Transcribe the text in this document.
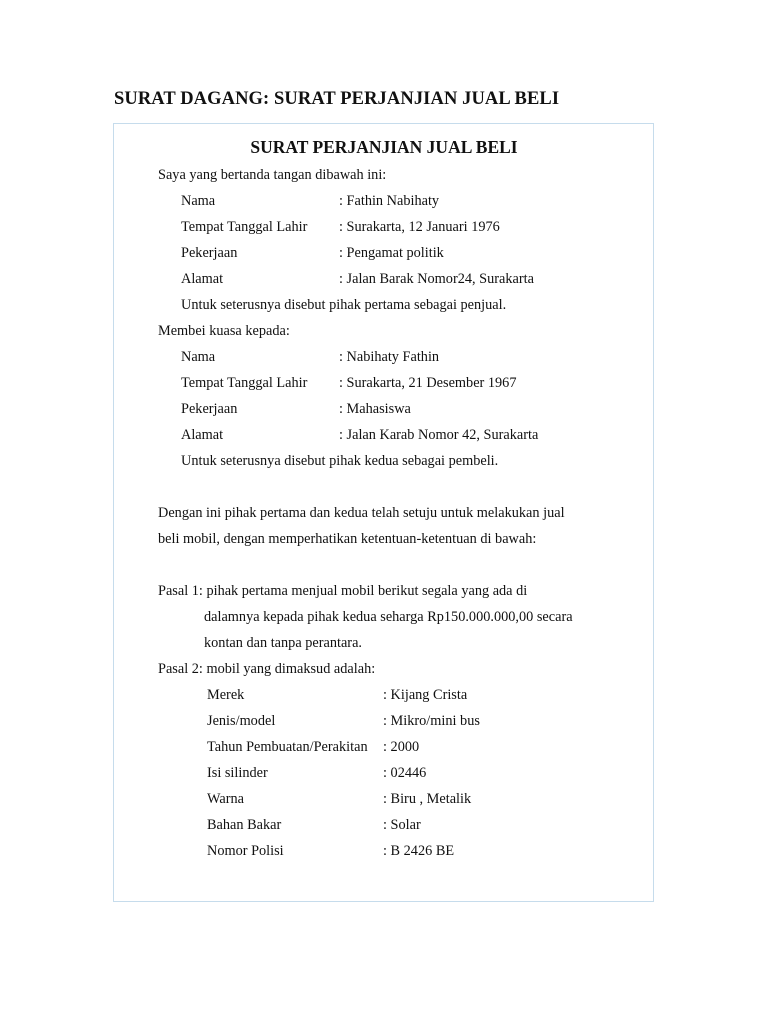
SURAT DAGANG: SURAT PERJANJIAN JUAL BELI
SURAT PERJANJIAN JUAL BELI
Saya yang bertanda tangan dibawah ini:
Nama	: Fathin Nabihaty
Tempat Tanggal Lahir : Surakarta, 12 Januari 1976
Pekerjaan	: Pengamat politik
Alamat	: Jalan Barak Nomor24, Surakarta
Untuk seterusnya disebut pihak pertama sebagai penjual.
Membei kuasa kepada:
Nama	: Nabihaty Fathin
Tempat Tanggal Lahir : Surakarta, 21 Desember 1967
Pekerjaan	: Mahasiswa
Alamat	: Jalan Karab Nomor 42, Surakarta
Untuk seterusnya disebut pihak kedua sebagai pembeli.
Dengan ini pihak pertama dan kedua telah setuju untuk melakukan jual
beli mobil, dengan memperhatikan ketentuan-ketentuan di bawah:
Pasal 1: pihak pertama menjual mobil berikut segala yang ada di
dalamnya kepada pihak kedua seharga Rp150.000.000,00 secara
kontan dan tanpa perantara.
Pasal 2: mobil yang dimaksud adalah:
Merek	: Kijang Crista
Jenis/model	: Mikro/mini bus
Tahun Pembuatan/Perakitan : 2000
Isi silinder	: 02446
Warna	: Biru , Metalik
Bahan Bakar	: Solar
Nomor Polisi	: B 2426 BE
